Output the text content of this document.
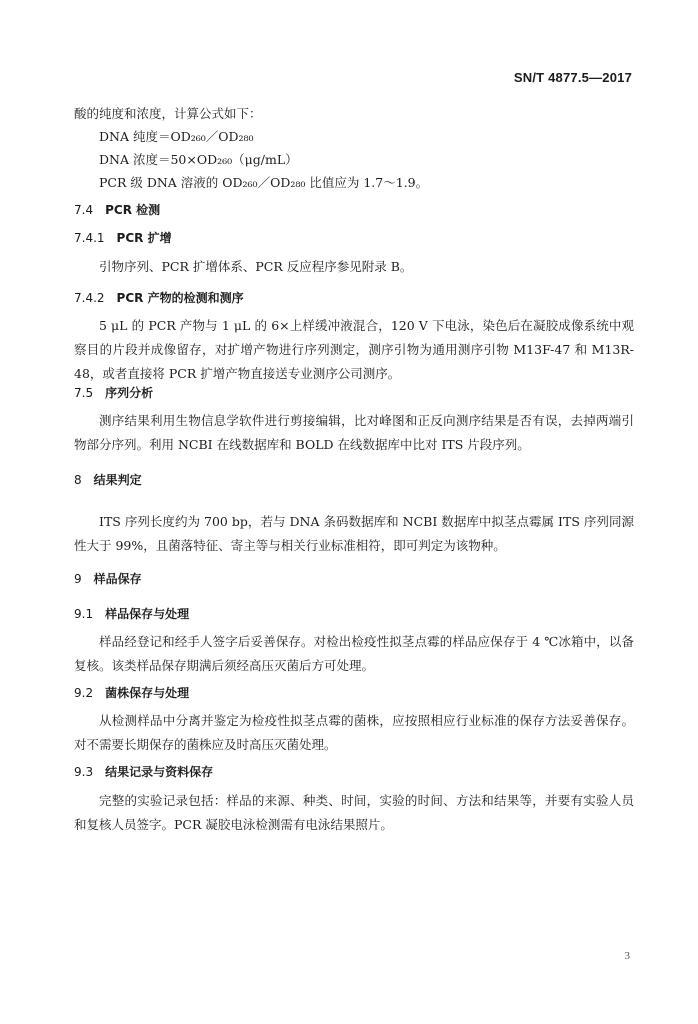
SN/T 4877.5—2017
酸的纯度和浓度，计算公式如下：
DNA 纯度＝OD₂₆₀／OD₂₈₀
DNA 浓度＝50×OD₂₆₀（μg/mL）
PCR 级 DNA 溶液的 OD₂₆₀／OD₂₈₀ 比值应为 1.7～1.9。
7.4 PCR 检测
7.4.1 PCR 扩增
引物序列、PCR 扩增体系、PCR 反应程序参见附录 B。
7.4.2 PCR 产物的检测和测序
5 μL 的 PCR 产物与 1 μL 的 6×上样缓冲液混合，120 V 下电泳，染色后在凝胶成像系统中观察目的片段并成像留存，对扩增产物进行序列测定，测序引物为通用测序引物 M13F-47 和 M13R-48，或者直接将 PCR 扩增产物直接送专业测序公司测序。
7.5 序列分析
测序结果利用生物信息学软件进行剪接编辑，比对峰图和正反向测序结果是否有误，去掉两端引物部分序列。利用 NCBI 在线数据库和 BOLD 在线数据库中比对 ITS 片段序列。
8 结果判定
ITS 序列长度约为 700 bp，若与 DNA 条码数据库和 NCBI 数据库中拟茎点霉属 ITS 序列同源性大于 99%，且菌落特征、寄主等与相关行业标准相符，即可判定为该物种。
9 样品保存
9.1 样品保存与处理
样品经登记和经手人签字后妥善保存。对检出检疫性拟茎点霉的样品应保存于 4 ℃冰箱中，以备复核。该类样品保存期满后须经高压灭菌后方可处理。
9.2 菌株保存与处理
从检测样品中分离并鉴定为检疫性拟茎点霉的菌株，应按照相应行业标准的保存方法妥善保存。对不需要长期保存的菌株应及时高压灭菌处理。
9.3 结果记录与资料保存
完整的实验记录包括：样品的来源、种类、时间，实验的时间、方法和结果等，并要有实验人员和复核人员签字。PCR 凝胶电泳检测需有电泳结果照片。
3
